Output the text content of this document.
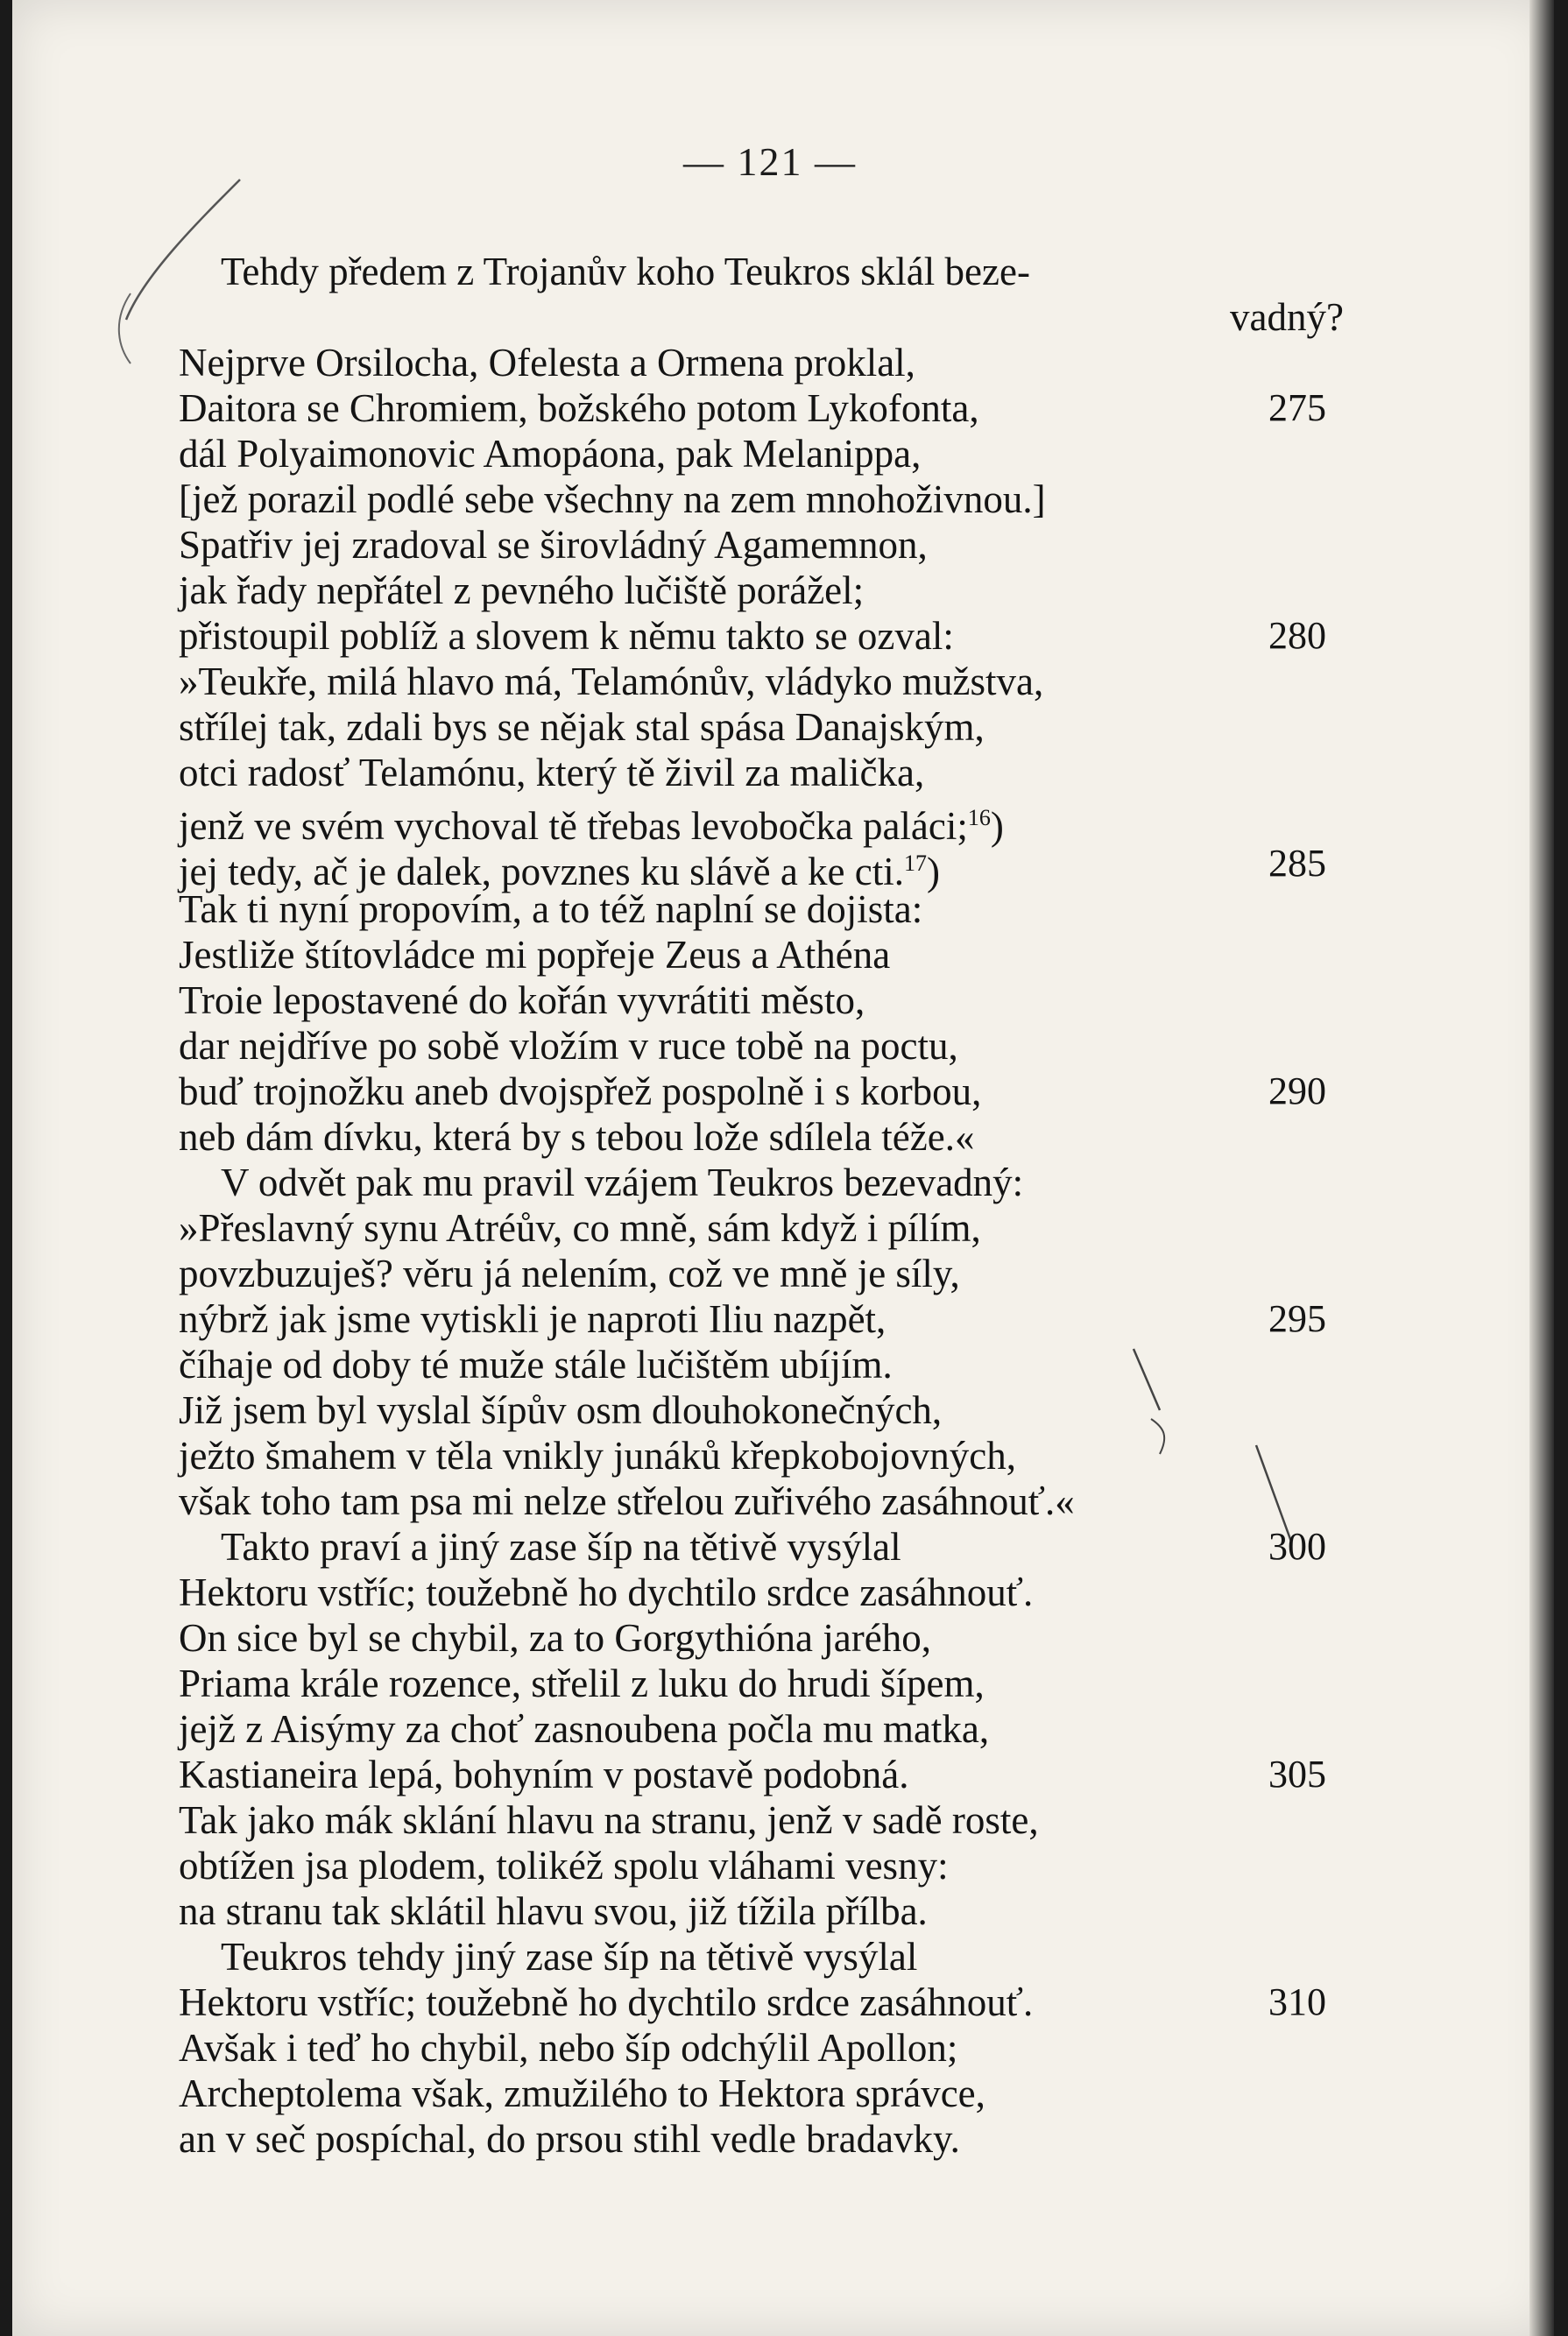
— 121 —
Tehdy předem z Trojanův koho Teukros sklál beze-
vadný?
Nejprve Orsilocha, Ofelesta a Ormena proklal,
Daitora se Chromiem, božského potom Lykofonta,	275
dál Polyaimonovic Amopáona, pak Melanippa,
[jež porazil podlé sebe všechny na zem mnohoživnou.]
Spatřiv jej zradoval se širovládný Agamemnon,
jak řady nepřátel z pevného lučiště porážel;
přistoupil poblíž a slovem k němu takto se ozval:	280
»Teukře, milá hlavo má, Telamónův, vládyko mužstva,
střílej tak, zdali bys se nějak stal spása Danajským,
otci radosť Telamónu, který tě živil za malička,
jenž ve svém vychoval tě třebas levobočka paláci;$^{16}$)
jej tedy, ač je dalek, povznes ku slávě a ke cti.$^{17}$)	285
Tak ti nyní propovím, a to též naplní se dojista:
Jestliže štítovládce mi popřeje Zeus a Athéna
Troie lepostavené do kořán vyvrátiti město,
dar nejdříve po sobě vložím v ruce tobě na poctu,
buď trojnožku aneb dvojspřež pospolně i s korbou,	290
neb dám dívku, která by s tebou lože sdílela téže.«
V odvět pak mu pravil vzájem Teukros bezevadný:
»Přeslavný synu Atréův, co mně, sám když i pílím,
povzbuzuješ? věru já nelením, což ve mně je síly,
nýbrž jak jsme vytiskli je naproti Iliu nazpět,	295
číhaje od doby té muže stále lučištěm ubíjím.
Již jsem byl vyslal šípův osm dlouhokonečných,
ježto šmahem v těla vnikly junáků křepkobojovných,
však toho tam psa mi nelze střelou zuřivého zasáhnouť.«
Takto praví a jiný zase šíp na tětivě vysýlal	300
Hektoru vstříc; toužebně ho dychtilo srdce zasáhnouť.
On sice byl se chybil, za to Gorgythióna jarého,
Priama krále rozence, střelil z luku do hrudi šípem,
jejž z Aisýmy za choť zasnoubena počla mu matka,
Kastianeira lepá, bohyním v postavě podobná.	305
Tak jako mák sklání hlavu na stranu, jenž v sadě roste,
obtížen jsa plodem, tolikéž spolu vláhami vesny:
na stranu tak sklátil hlavu svou, již tížila přílba.
Teukros tehdy jiný zase šíp na tětivě vysýlal
Hektoru vstříc; toužebně ho dychtilo srdce zasáhnouť.	310
Avšak i teď ho chybil, nebo šíp odchýlil Apollon;
Archeptolema však, zmužilého to Hektora správce,
an v seč pospíchal, do prsou stihl vedle bradavky.
